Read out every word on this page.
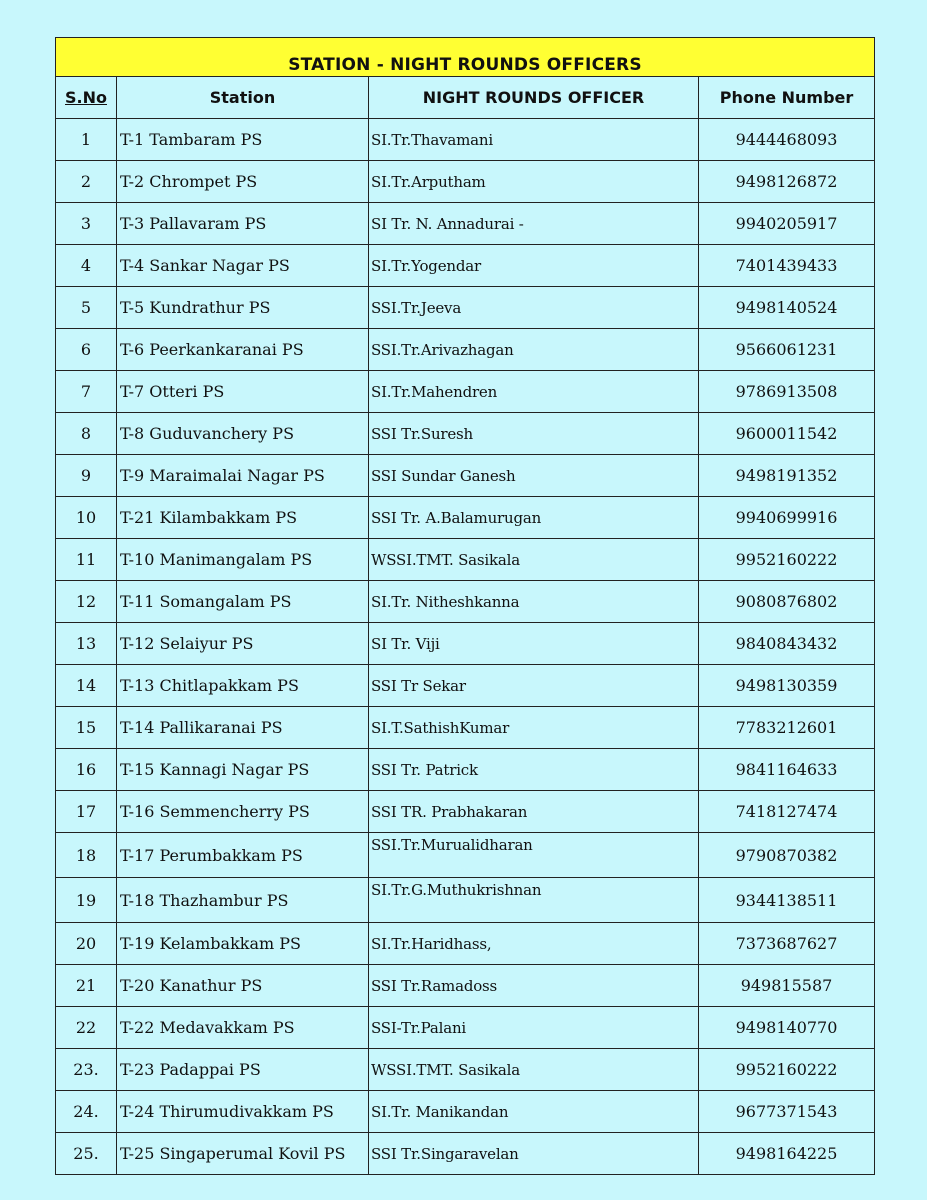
STATION - NIGHT ROUNDS OFFICERS			
S.No	Station	NIGHT ROUNDS OFFICER	Phone Number
1	T-1 Tambaram PS	SI.Tr.Thavamani	9444468093
2	T-2 Chrompet PS	SI.Tr.Arputham	9498126872
3	T-3 Pallavaram PS	SI Tr. N. Annadurai -	9940205917
4	T-4 Sankar Nagar PS	SI.Tr.Yogendar	7401439433
5	T-5 Kundrathur PS	SSI.Tr.Jeeva	9498140524
6	T-6 Peerkankaranai PS	SSI.Tr.Arivazhagan	9566061231
7	T-7 Otteri PS	SI.Tr.Mahendren	9786913508
8	T-8 Guduvanchery PS	SSI Tr.Suresh	9600011542
9	T-9 Maraimalai Nagar PS	SSI Sundar Ganesh	9498191352
10	T-21 Kilambakkam PS	SSI Tr. A.Balamurugan	9940699916
11	T-10 Manimangalam PS	WSSI.TMT. Sasikala	9952160222
12	T-11 Somangalam PS	SI.Tr. Nitheshkanna	9080876802
13	T-12 Selaiyur PS	SI Tr. Viji	9840843432
14	T-13 Chitlapakkam PS	SSI Tr Sekar	9498130359
15	T-14 Pallikaranai PS	SI.T.SathishKumar	7783212601
16	T-15 Kannagi Nagar PS	SSI Tr. Patrick	9841164633
17	T-16 Semmencherry PS	SSI TR. Prabhakaran	7418127474
18	T-17 Perumbakkam PS	SSI.Tr.Murualidharan	9790870382
19	T-18 Thazhambur PS	SI.Tr.G.Muthukrishnan	9344138511
20	T-19 Kelambakkam PS	SI.Tr.Haridhass,	7373687627
21	T-20 Kanathur PS	SSI Tr.Ramadoss	949815587
22	T-22 Medavakkam PS	SSI-Tr.Palani	9498140770
23.	T-23 Padappai PS	WSSI.TMT. Sasikala	9952160222
24.	T-24 Thirumudivakkam PS	SI.Tr. Manikandan	9677371543
25.	T-25 Singaperumal Kovil PS	SSI Tr.Singaravelan	9498164225
